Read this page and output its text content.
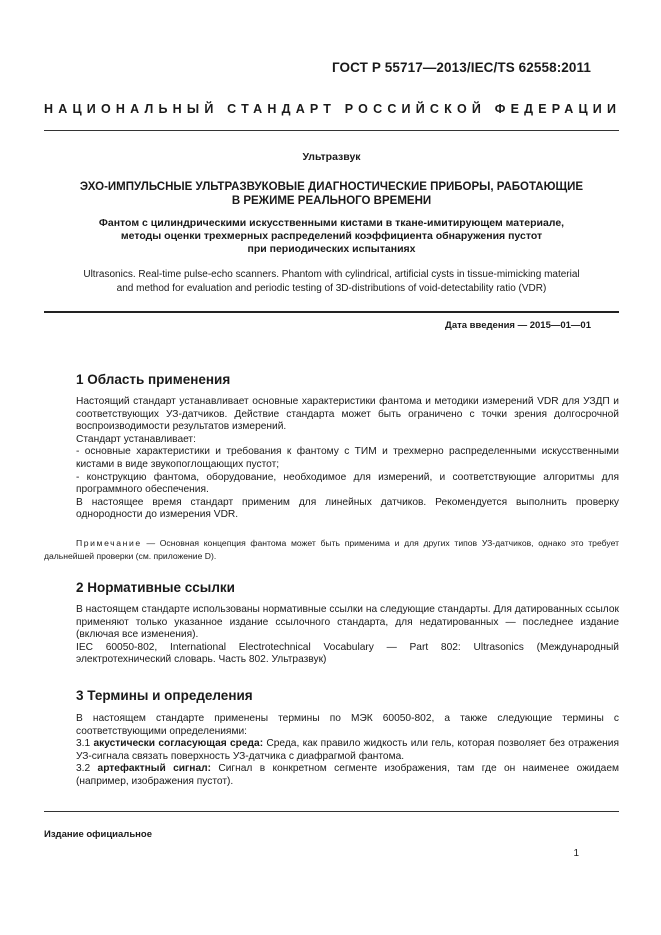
ГОСТ Р 55717—2013/IEC/TS 62558:2011
НАЦИОНАЛЬНЫЙ СТАНДАРТ РОССИЙСКОЙ ФЕДЕРАЦИИ
Ультразвук
ЭХО-ИМПУЛЬСНЫЕ УЛЬТРАЗВУКОВЫЕ ДИАГНОСТИЧЕСКИЕ ПРИБОРЫ, РАБОТАЮЩИЕ
В РЕЖИМЕ РЕАЛЬНОГО ВРЕМЕНИ
Фантом с цилиндрическими искусственными кистами в ткане-имитирующем материале,
методы оценки трехмерных распределений коэффициента обнаружения пустот
при периодических испытаниях
Ultrasonics. Real-time pulse-echo scanners. Phantom with cylindrical, artificial cysts in tissue-mimicking material
and method for evaluation and periodic testing of 3D-distributions of void-detectability ratio (VDR)
Дата введения — 2015—01—01
1 Область применения
Настоящий стандарт устанавливает основные характеристики фантома и методики измерений VDR для УЗДП и соответствующих УЗ-датчиков. Действие стандарта может быть ограничено с точки зрения долгосрочной воспроизводимости результатов измерений.
Стандарт устанавливает:
- основные характеристики и требования к фантому с ТИМ и трехмерно распределенными искусственными кистами в виде звукопоглощающих пустот;
- конструкцию фантома, оборудование, необходимое для измерений, и соответствующие алгоритмы для программного обеспечения.
В настоящее время стандарт применим для линейных датчиков. Рекомендуется выполнить проверку однородности до измерения VDR.
Примечание — Основная концепция фантома может быть применима и для других типов УЗ-датчиков, однако это требует дальнейшей проверки (см. приложение D).
2 Нормативные ссылки
В настоящем стандарте использованы нормативные ссылки на следующие стандарты. Для датированных ссылок применяют только указанное издание ссылочного стандарта, для недатированных — последнее издание (включая все изменения).
IEC 60050-802, International Electrotechnical Vocabulary — Part 802: Ultrasonics (Международный электротехнический словарь. Часть 802. Ультразвук)
3 Термины и определения
В настоящем стандарте применены термины по МЭК 60050-802, а также следующие термины с соответствующими определениями:
3.1 акустически согласующая среда: Среда, как правило жидкость или гель, которая позволяет без отражения УЗ-сигнала связать поверхность УЗ-датчика с диафрагмой фантома.
3.2 артефактный сигнал: Сигнал в конкретном сегменте изображения, там где он наименее ожидаем (например, изображения пустот).
Издание официальное
1
